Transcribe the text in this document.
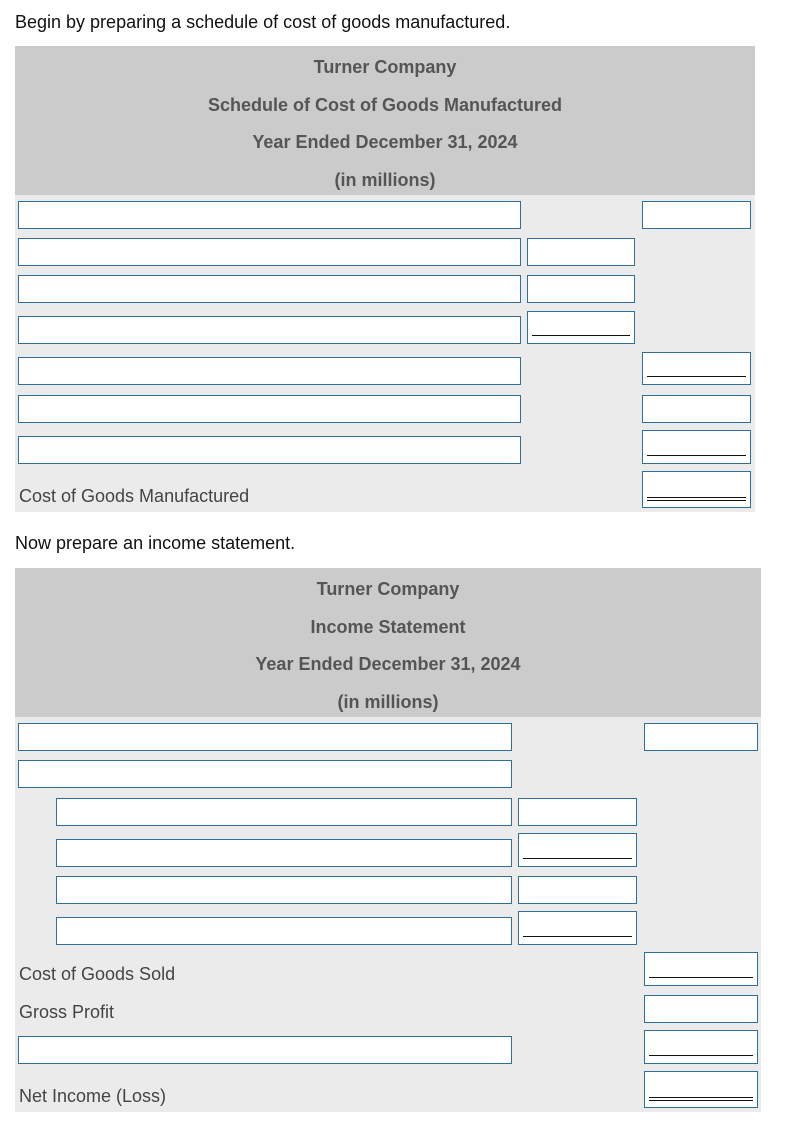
Begin by preparing a schedule of cost of goods manufactured.
Turner Company
Schedule of Cost of Goods Manufactured
Year Ended December 31, 2024
(in millions)
Cost of Goods Manufactured
Now prepare an income statement.
Turner Company
Income Statement
Year Ended December 31, 2024
(in millions)
Cost of Goods Sold
Gross Profit
Net Income (Loss)
